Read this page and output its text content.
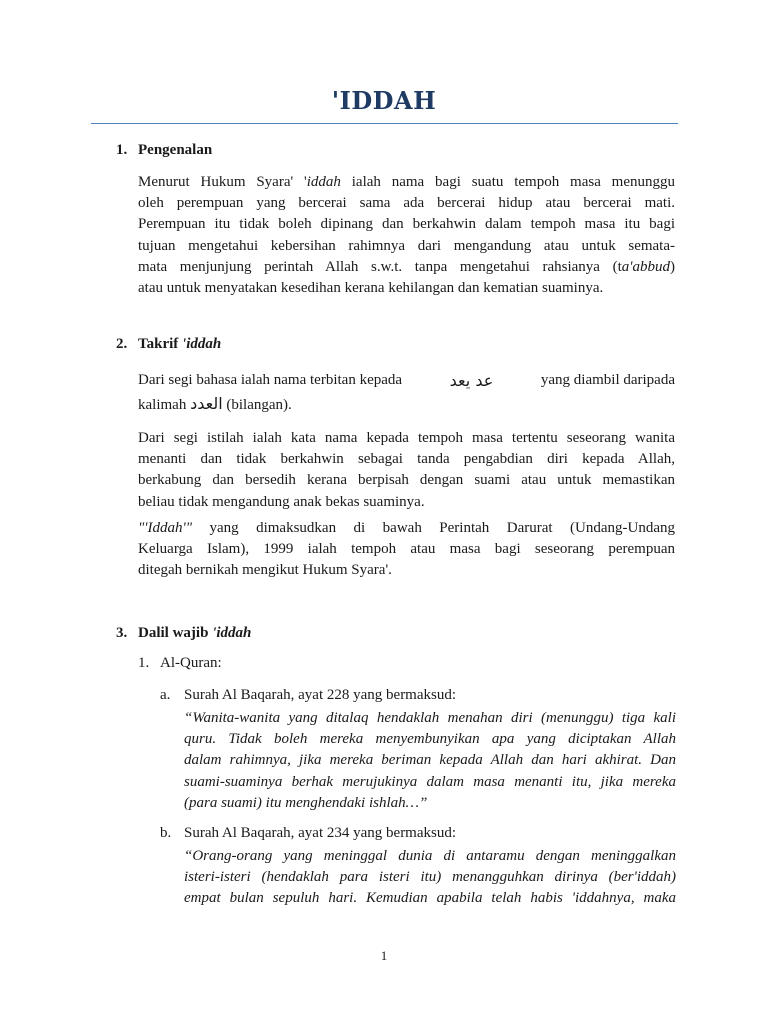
'IDDAH
1. Pengenalan
Menurut Hukum Syara' 'iddah ialah nama bagi suatu tempoh masa menunggu
oleh perempuan yang bercerai sama ada bercerai hidup atau bercerai mati.
Perempuan itu tidak boleh dipinang dan berkahwin dalam tempoh masa itu bagi
tujuan mengetahui kebersihan rahimnya dari mengandung atau untuk semata-
mata menjunjung perintah Allah s.w.t. tanpa mengetahui rahsianya (ta'abbud)
atau untuk menyatakan kesedihan kerana kehilangan dan kematian suaminya.
2. Takrif 'iddah
Dari segi bahasa ialah nama terbitan kepada	عد يعد	yang diambil daripada
kalimah العدد (bilangan).
Dari segi istilah ialah kata nama kepada tempoh masa tertentu seseorang wanita
menanti dan tidak berkahwin sebagai tanda pengabdian diri kepada Allah,
berkabung dan bersedih kerana berpisah dengan suami atau untuk memastikan
beliau tidak mengandung anak bekas suaminya.
"'Iddah'" yang dimaksudkan di bawah Perintah Darurat (Undang-Undang
Keluarga Islam), 1999 ialah tempoh atau masa bagi seseorang perempuan
ditegah bernikah mengikut Hukum Syara'.
3. Dalil wajib 'iddah
1. Al-Quran:
a. Surah Al Baqarah, ayat 228 yang bermaksud:
“Wanita-wanita yang ditalaq hendaklah menahan diri (menunggu) tiga kali
quru. Tidak boleh mereka menyembunyikan apa yang diciptakan Allah
dalam rahimnya, jika mereka beriman kepada Allah dan hari akhirat. Dan
suami-suaminya berhak merujukinya dalam masa menanti itu, jika mereka
(para suami) itu menghendaki ishlah…”
b. Surah Al Baqarah, ayat 234 yang bermaksud:
“Orang-orang yang meninggal dunia di antaramu dengan meninggalkan
isteri-isteri (hendaklah para isteri itu) menangguhkan dirinya (ber'iddah)
empat bulan sepuluh hari. Kemudian apabila telah habis 'iddahnya, maka
1
